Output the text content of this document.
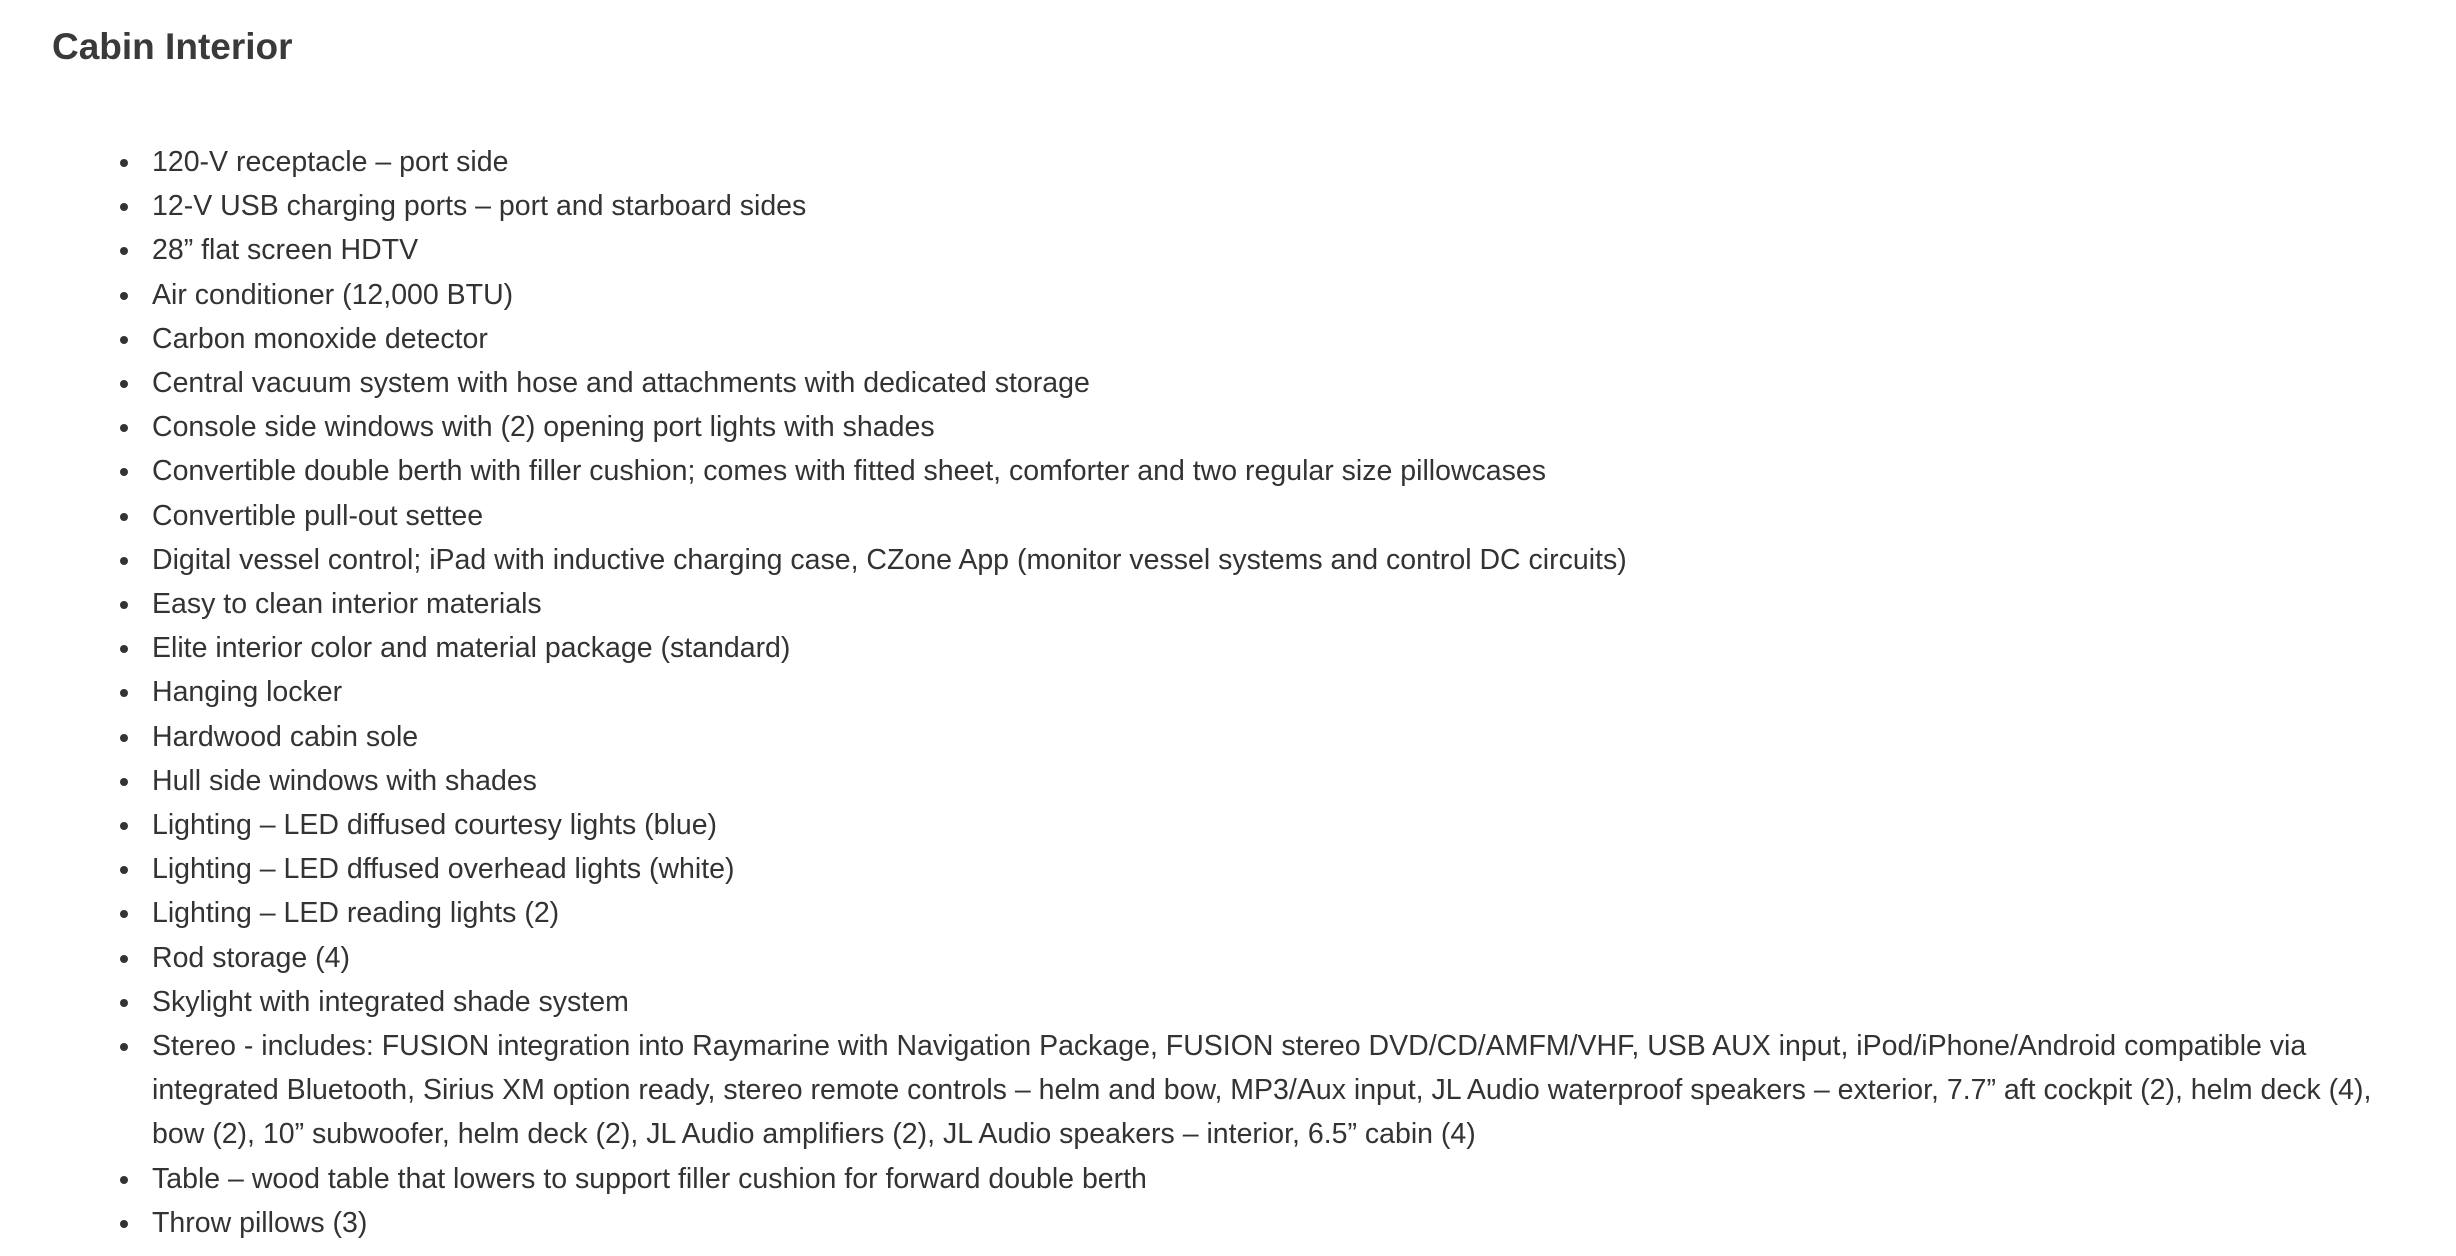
Cabin Interior
120-V receptacle – port side
12-V USB charging ports – port and starboard sides
28” flat screen HDTV
Air conditioner (12,000 BTU)
Carbon monoxide detector
Central vacuum system with hose and attachments with dedicated storage
Console side windows with (2) opening port lights with shades
Convertible double berth with filler cushion; comes with fitted sheet, comforter and two regular size pillowcases
Convertible pull-out settee
Digital vessel control; iPad with inductive charging case, CZone App (monitor vessel systems and control DC circuits)
Easy to clean interior materials
Elite interior color and material package (standard)
Hanging locker
Hardwood cabin sole
Hull side windows with shades
Lighting – LED diffused courtesy lights (blue)
Lighting – LED dffused overhead lights (white)
Lighting – LED reading lights (2)
Rod storage (4)
Skylight with integrated shade system
Stereo - includes: FUSION integration into Raymarine with Navigation Package, FUSION stereo DVD/CD/AMFM/VHF, USB AUX input, iPod/iPhone/Android compatible via integrated Bluetooth, Sirius XM option ready, stereo remote controls – helm and bow, MP3/Aux input, JL Audio waterproof speakers – exterior, 7.7” aft cockpit (2), helm deck (4), bow (2), 10” subwoofer, helm deck (2), JL Audio amplifiers (2), JL Audio speakers – interior, 6.5” cabin (4)
Table – wood table that lowers to support filler cushion for forward double berth
Throw pillows (3)
